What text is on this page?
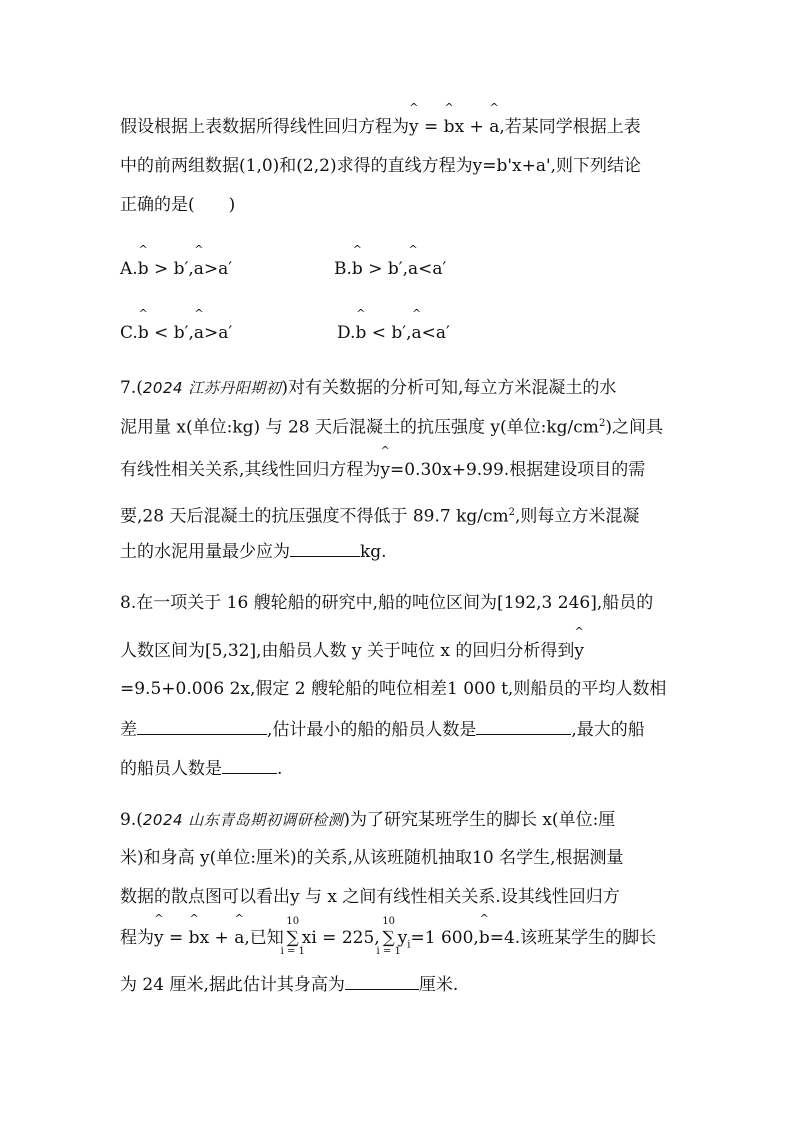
假设根据上表数据所得线性回归方程为^ y = ^ bx + ^ a,若某同学根据上表
中的前两组数据(1,0)和(2,2)求得的直线方程为y=b'x+a',则下列结论
正确的是(　　)
A.^ b > b′,^ a>a′	B.^ b > b′,^ a<a′
C.^ b < b′,^ a>a′	D.^ b < b′,^ a<a′
7.(2024 江苏丹阳期初)对有关数据的分析可知,每立方米混凝土的水
泥用量 x(单位:kg) 与 28 天后混凝土的抗压强度 y(单位$:kg/cm^2$)之间具
有线性相关关系,其线性回归方程为^ y=0.30x+9.99.根据建设项目的需
要,28 天后混凝土的抗压强度不得低于 89.7 $kg/cm^2$,则每立方米混凝
土的水泥用量最少应为	kg.
8.在一项关于 16 艘轮船的研究中,船的吨位区间为[192,3 246],船员的
人数区间为[5,32],由船员人数 y 关于吨位 x 的回归分析得到^ y
=9.5+0.006 2x,假定 2 艘轮船的吨位相差1 000 t,则船员的平均人数相
差	,估计最小的船的船员人数是	,最大的船
的船员人数是	.
9.(2024 山东青岛期初调研检测)为了研究某班学生的脚长 x(单位:厘
米)和身高 y(单位:厘米)的关系,从该班随机抽取10 名学生,根据测量
数据的散点图可以看出y 与 x 之间有线性相关关系.设其线性回归方
程为^ y = ^ bx + ^ a,已知
10
∑
i = 1
xi = 225,
10
∑
i = 1
$y_i=1$ 600,^ b=4.该班某学生的脚长
为 24 厘米,据此估计其身高为	厘米.
